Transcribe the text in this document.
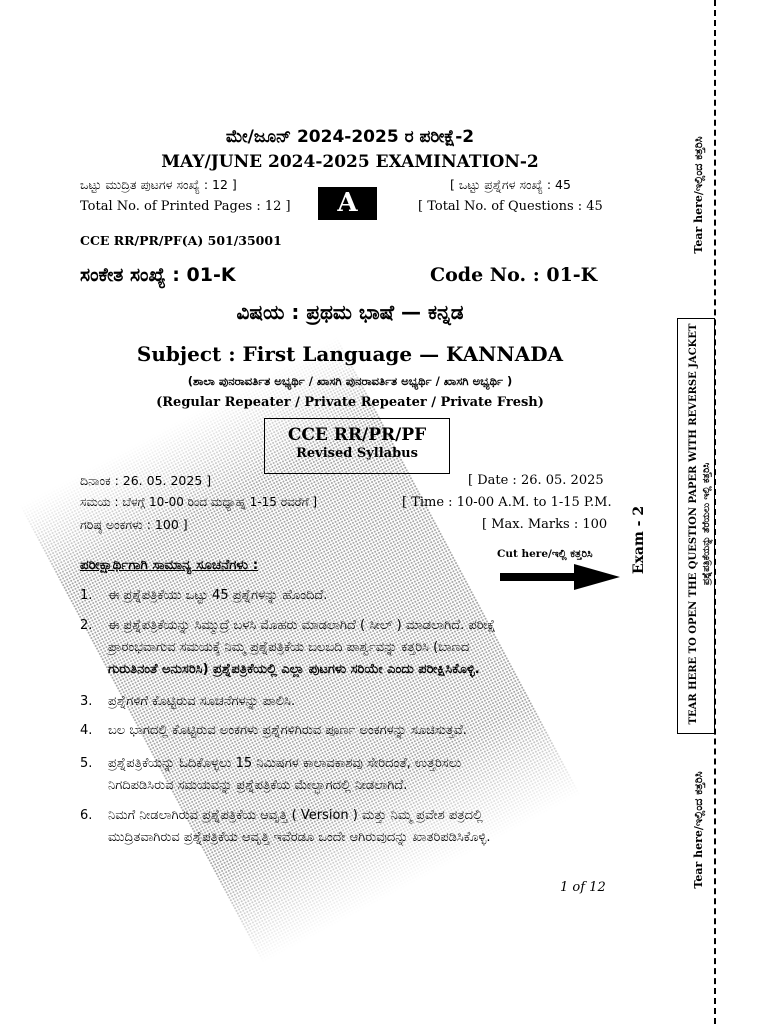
ಮೇ/ಜೂನ್ 2024-2025 ರ ಪರೀಕ್ಷೆ-2
MAY/JUNE 2024-2025 EXAMINATION-2
ಒಟ್ಟು ಮುದ್ರಿತ ಪುಟಗಳ ಸಂಖ್ಯೆ : 12 ]
Total No. of Printed Pages : 12 ]
[ ಒಟ್ಟು ಪ್ರಶ್ನೆಗಳ ಸಂಖ್ಯೆ : 45
[ Total No. of Questions : 45
A
CCE RR/PR/PF(A) 501/35001
ಸಂಕೇತ ಸಂಖ್ಯೆ : 01-K	Code No. : 01-K
ವಿಷಯ : ಪ್ರಥಮ ಭಾಷೆ — ಕನ್ನಡ
Subject : First Language — KANNADA
(ಶಾಲಾ ಪುನರಾವರ್ತಿತ ಅಭ್ಯರ್ಥಿ / ಖಾಸಗಿ ಪುನರಾವರ್ತಿತ ಅಭ್ಯರ್ಥಿ / ಖಾಸಗಿ ಅಭ್ಯರ್ಥಿ )
(Regular Repeater / Private Repeater / Private Fresh)
CCE RR/PR/PF
Revised Syllabus
ದಿನಾಂಕ : 26. 05. 2025 ]	[ Date : 26. 05. 2025
ಸಮಯ : ಬೆಳಗ್ಗೆ 10-00 ರಿಂದ ಮಧ್ಯಾಹ್ನ 1-15 ರವರೆಗೆ ]	[ Time : 10-00 A.M. to 1-15 P.M.
ಗರಿಷ್ಠ ಅಂಕಗಳು : 100 ]	[ Max. Marks : 100
ಪರೀಕ್ಷಾರ್ಥಿಗಾಗಿ ಸಾಮಾನ್ಯ ಸೂಚನೆಗಳು :
Cut here/ಇಲ್ಲಿ ಕತ್ತರಿಸಿ
1.	ಈ ಪ್ರಶ್ನೆಪತ್ರಿಕೆಯು ಒಟ್ಟು 45 ಪ್ರಶ್ನೆಗಳನ್ನು ಹೊಂದಿದೆ.
2.	ಈ ಪ್ರಶ್ನೆಪತ್ರಿಕೆಯನ್ನು ಸಿಮ್ಮುದ್ರೆ ಬಳಸಿ ಮೊಹರು ಮಾಡಲಾಗಿದೆ ( ಸೀಲ್ ) ಮಾಡಲಾಗಿದೆ. ಪರೀಕ್ಷೆ
ಪ್ರಾರಂಭವಾಗುವ ಸಮಯಕ್ಕೆ ನಿಮ್ಮ ಪ್ರಶ್ನೆಪತ್ರಿಕೆಯ ಬಲಬದಿ ಪಾರ್ಶ್ವವನ್ನು ಕತ್ತರಿಸಿ (ಬಾಣದ
ಗುರುತಿನಂತೆ ಅನುಸರಿಸಿ) ಪ್ರಶ್ನೆಪತ್ರಿಕೆಯಲ್ಲಿ ಎಲ್ಲಾ ಪುಟಗಳು ಸರಿಯೇ ಎಂದು ಪರೀಕ್ಷಿಸಿಕೊಳ್ಳಿ.
3.	ಪ್ರಶ್ನೆಗಳಿಗೆ ಕೊಟ್ಟಿರುವ ಸೂಚನೆಗಳನ್ನು ಪಾಲಿಸಿ.
4.	ಬಲ ಭಾಗದಲ್ಲಿ ಕೊಟ್ಟಿರುವ ಅಂಕಗಳು ಪ್ರಶ್ನೆಗಳಿಗಿರುವ ಪೂರ್ಣ ಅಂಕಗಳನ್ನು ಸೂಚಿಸುತ್ತವೆ.
5.	ಪ್ರಶ್ನೆಪತ್ರಿಕೆಯನ್ನು ಓದಿಕೊಳ್ಳಲು 15 ನಿಮಿಷಗಳ ಕಾಲಾವಕಾಶವು ಸೇರಿದಂತೆ, ಉತ್ತರಿಸಲು
ನಿಗದಿಪಡಿಸಿರುವ ಸಮಯವನ್ನು ಪ್ರಶ್ನೆಪತ್ರಿಕೆಯ ಮೇಲ್ಭಾಗದಲ್ಲಿ ನೀಡಲಾಗಿದೆ.
6.	ನಿಮಗೆ ನೀಡಲಾಗಿರುವ ಪ್ರಶ್ನೆಪತ್ರಿಕೆಯ ಆವೃತ್ತಿ ( Version ) ಮತ್ತು ನಿಮ್ಮ ಪ್ರವೇಶ ಪತ್ರದಲ್ಲಿ
ಮುದ್ರಿತವಾಗಿರುವ ಪ್ರಶ್ನೆಪತ್ರಿಕೆಯ ಆವೃತ್ತಿ ಇವೆರಡೂ ಒಂದೇ ಆಗಿರುವುದನ್ನು ಖಾತರಿಪಡಿಸಿಕೊಳ್ಳಿ.
1 of 12
Tear here/ಇಲ್ಲಿಂದ ಕತ್ತರಿಸಿ
TEAR HERE TO OPEN THE QUESTION PAPER WITH REVERSE JACKET ಪ್ರಶ್ನೆಪತ್ರಿಕೆಯನ್ನು ತೆರೆಯಲು ಇಲ್ಲಿ ಕತ್ತರಿಸಿ
Exam - 2
Tear here/ಇಲ್ಲಿಂದ ಕತ್ತರಿಸಿ
